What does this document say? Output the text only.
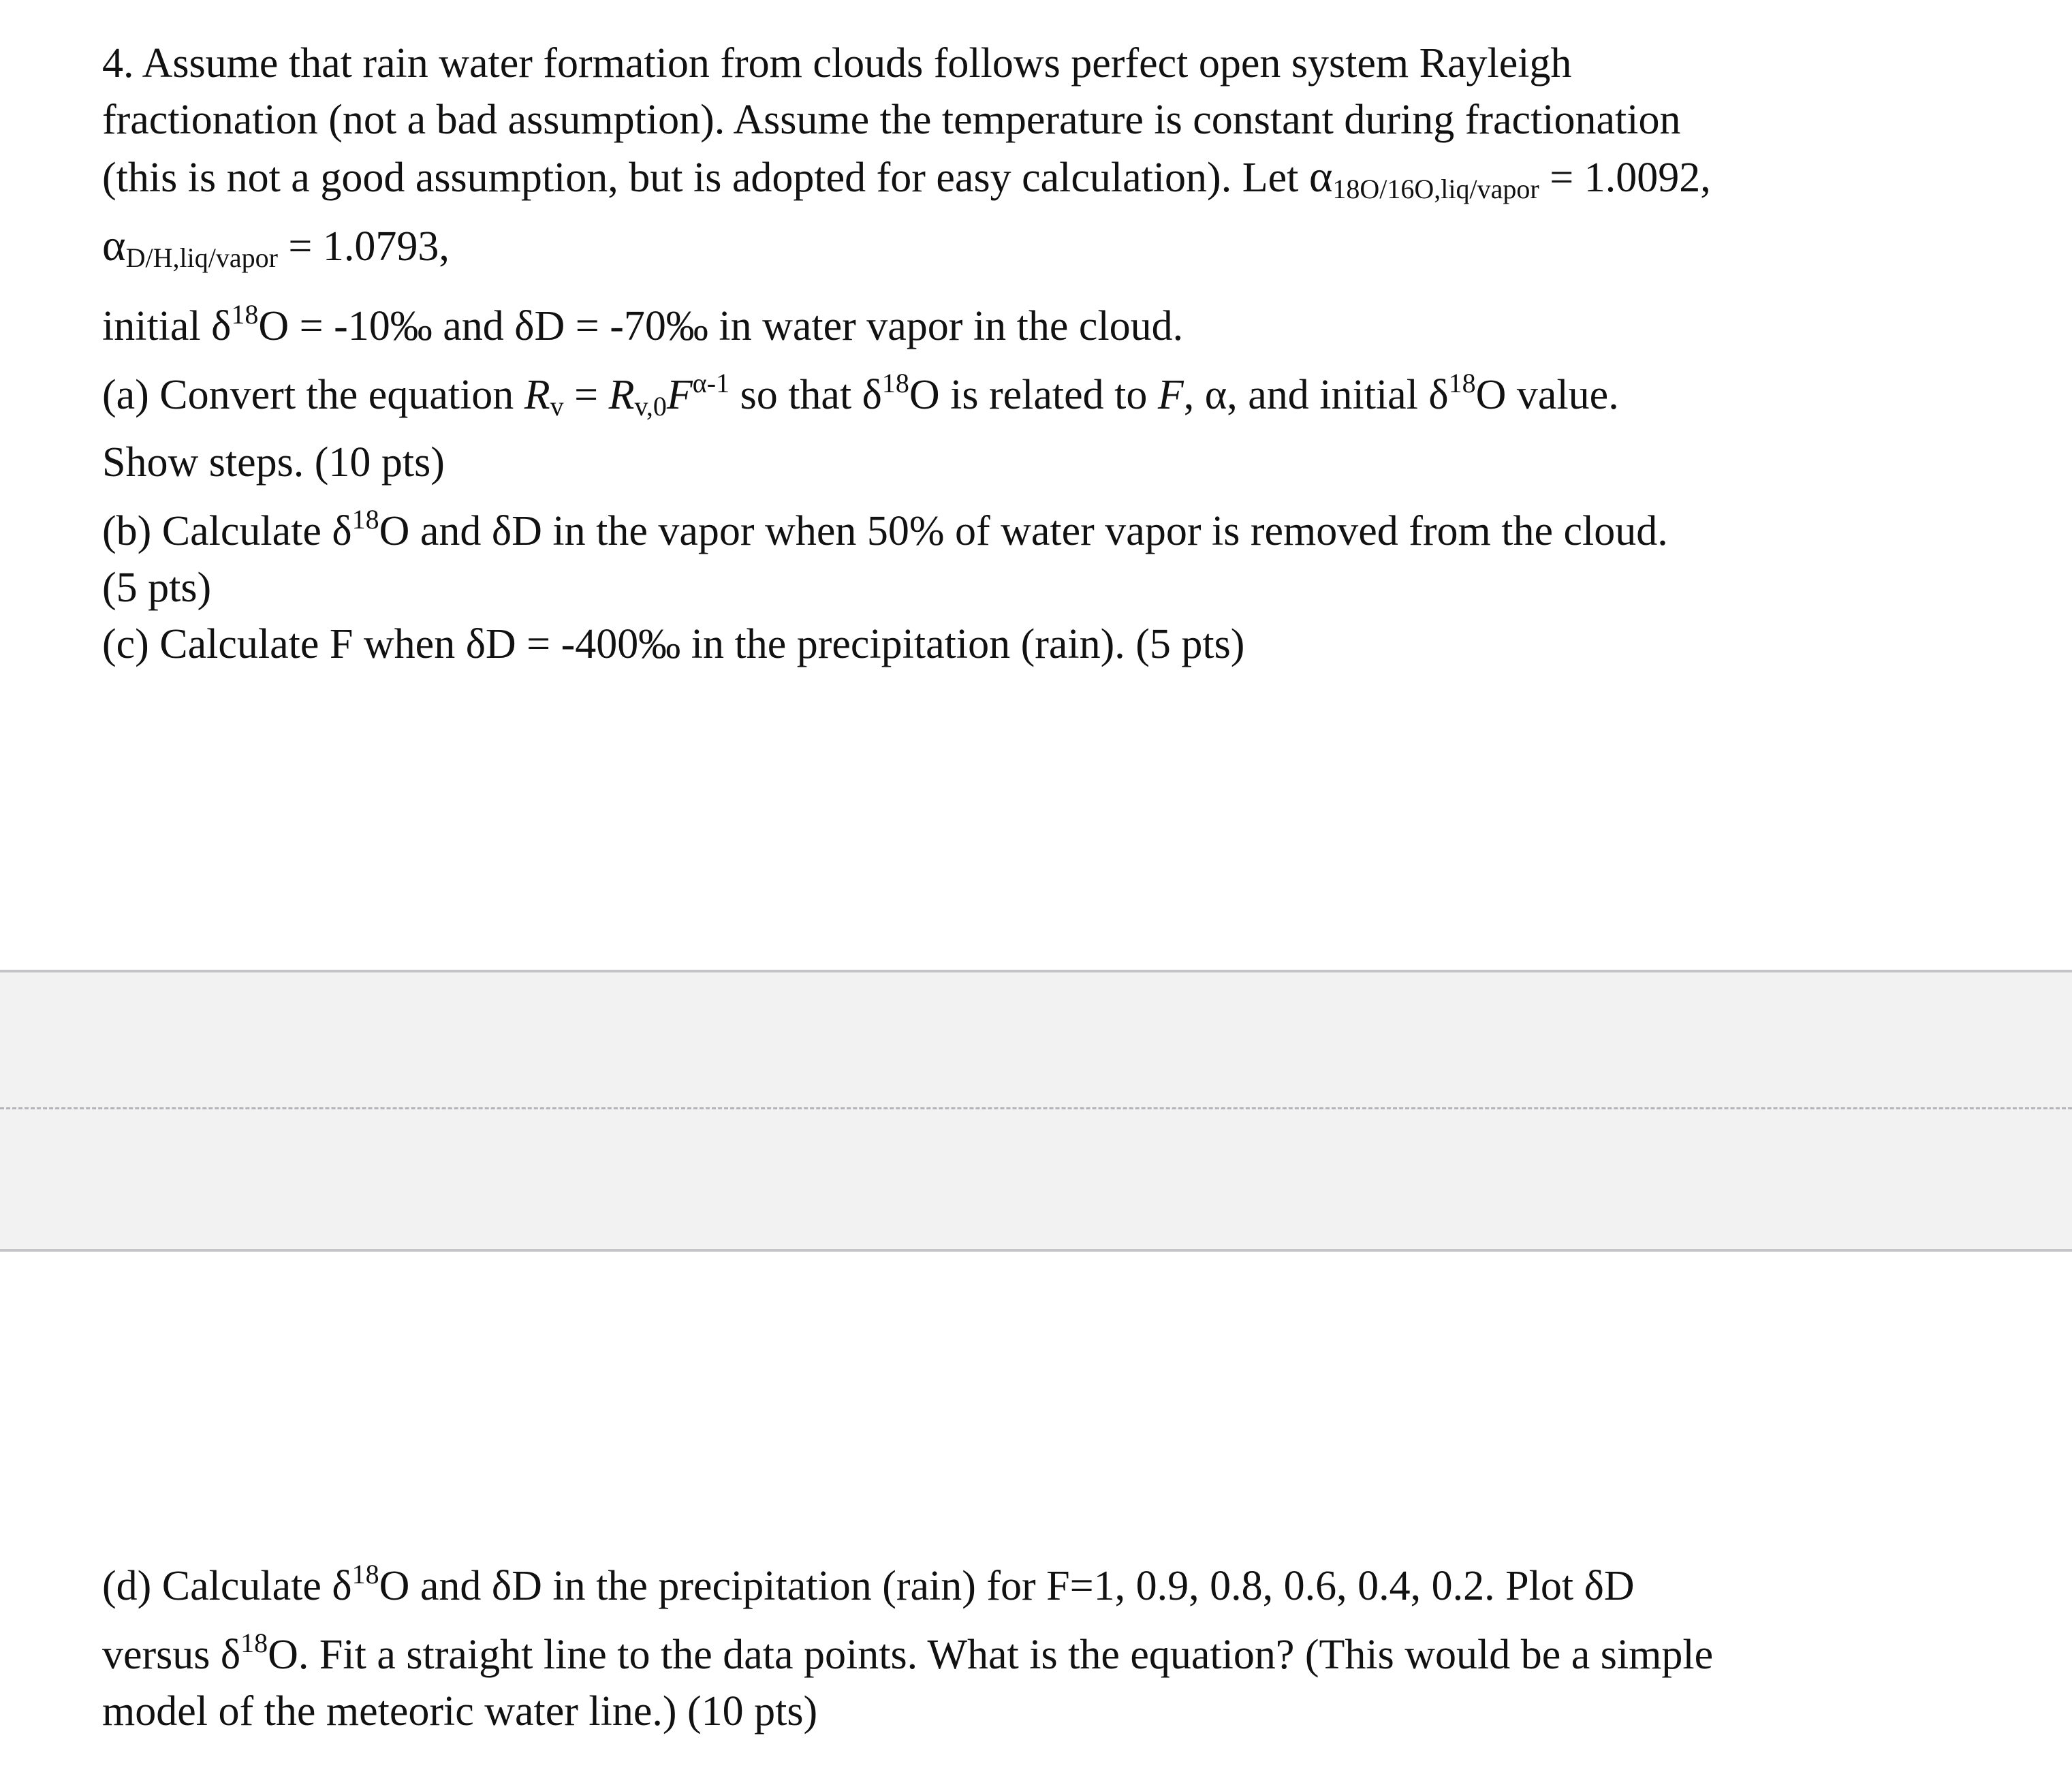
4. Assume that rain water formation from clouds follows perfect open system Rayleigh
fractionation (not a bad assumption). Assume the temperature is constant during fractionation
(this is not a good assumption, but is adopted for easy calculation). Let $\alpha_{18O/16O,liq/vapor} = 1.0092$,
$\alpha_{D/H,liq/vapor} = 1.0793$,
initial $\delta^{18}O$ = -10‰ and δD = -70‰ in water vapor in the cloud.
(a) Convert the equation $R_v = R_{v,0}F^{\alpha-1}$ so that $\delta^{18}O$ is related to F, α, and initial $\delta^{18}O$ value.
Show steps. (10 pts)
(b) Calculate $\delta^{18}O$ and δD in the vapor when 50% of water vapor is removed from the cloud.
(5 pts)
(c) Calculate F when δD = -400‰ in the precipitation (rain). (5 pts)
(d) Calculate $\delta^{18}O$ and δD in the precipitation (rain) for F=1, 0.9, 0.8, 0.6, 0.4, 0.2. Plot δD
versus $\delta^{18}O$. Fit a straight line to the data points. What is the equation? (This would be a simple
model of the meteoric water line.) (10 pts)
